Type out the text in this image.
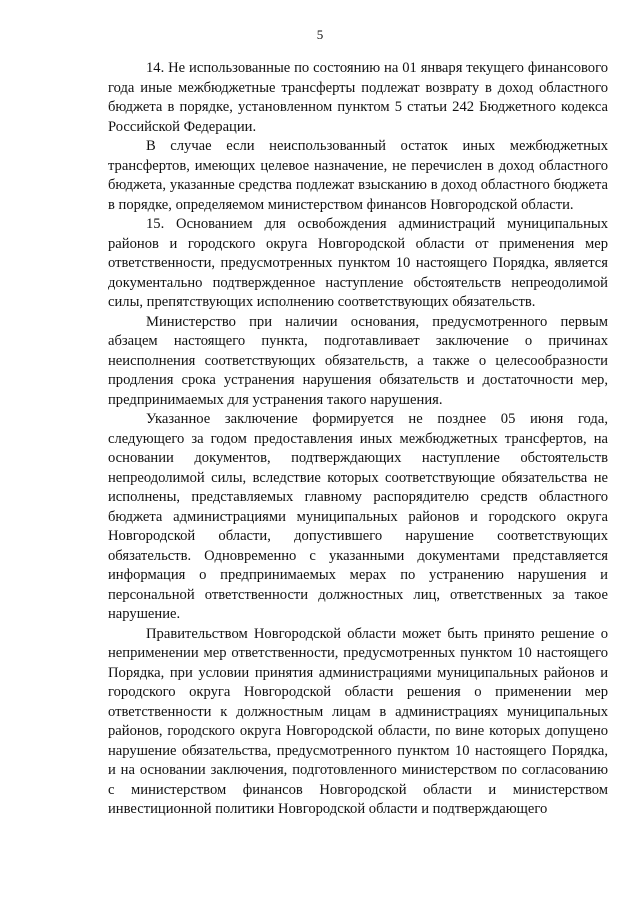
5

14. Не использованные по состоянию на 01 января текущего финансового года иные межбюджетные трансферты подлежат возврату в доход областного бюджета в порядке, установленном пунктом 5 статьи 242 Бюджетного кодекса Российской Федерации.

В случае если неиспользованный остаток иных межбюджетных трансфертов, имеющих целевое назначение, не перечислен в доход областного бюджета, указанные средства подлежат взысканию в доход областного бюджета в порядке, определяемом министерством финансов Новгородской области.

15. Основанием для освобождения администраций муниципальных районов и городского округа Новгородской области от применения мер ответственности, предусмотренных пунктом 10 настоящего Порядка, является документально подтвержденное наступление обстоятельств непреодолимой силы, препятствующих исполнению соответствующих обязательств.

Министерство при наличии основания, предусмотренного первым абзацем настоящего пункта, подготавливает заключение о причинах неисполнения соответствующих обязательств, а также о целесообразности продления срока устранения нарушения обязательств и достаточности мер, предпринимаемых для устранения такого нарушения.

Указанное заключение формируется не позднее 05 июня года, следующего за годом предоставления иных межбюджетных трансфертов, на основании документов, подтверждающих наступление обстоятельств непреодолимой силы, вследствие которых соответствующие обязательства не исполнены, представляемых главному распорядителю средств областного бюджета администрациями муниципальных районов и городского округа Новгородской области, допустившего нарушение соответствующих обязательств. Одновременно с указанными документами представляется информация о предпринимаемых мерах по устранению нарушения и персональной ответственности должностных лиц, ответственных за такое нарушение.

Правительством Новгородской области может быть принято решение о неприменении мер ответственности, предусмотренных пунктом 10 настоящего Порядка, при условии принятия администрациями муниципальных районов и городского округа Новгородской области решения о применении мер ответственности к должностным лицам в администрациях муниципальных районов, городского округа Новгородской области, по вине которых допущено нарушение обязательства, предусмотренного пунктом 10 настоящего Порядка, и на основании заключения, подготовленного министерством по согласованию с министерством финансов Новгородской области и министерством инвестиционной политики Новгородской области и подтверждающего
